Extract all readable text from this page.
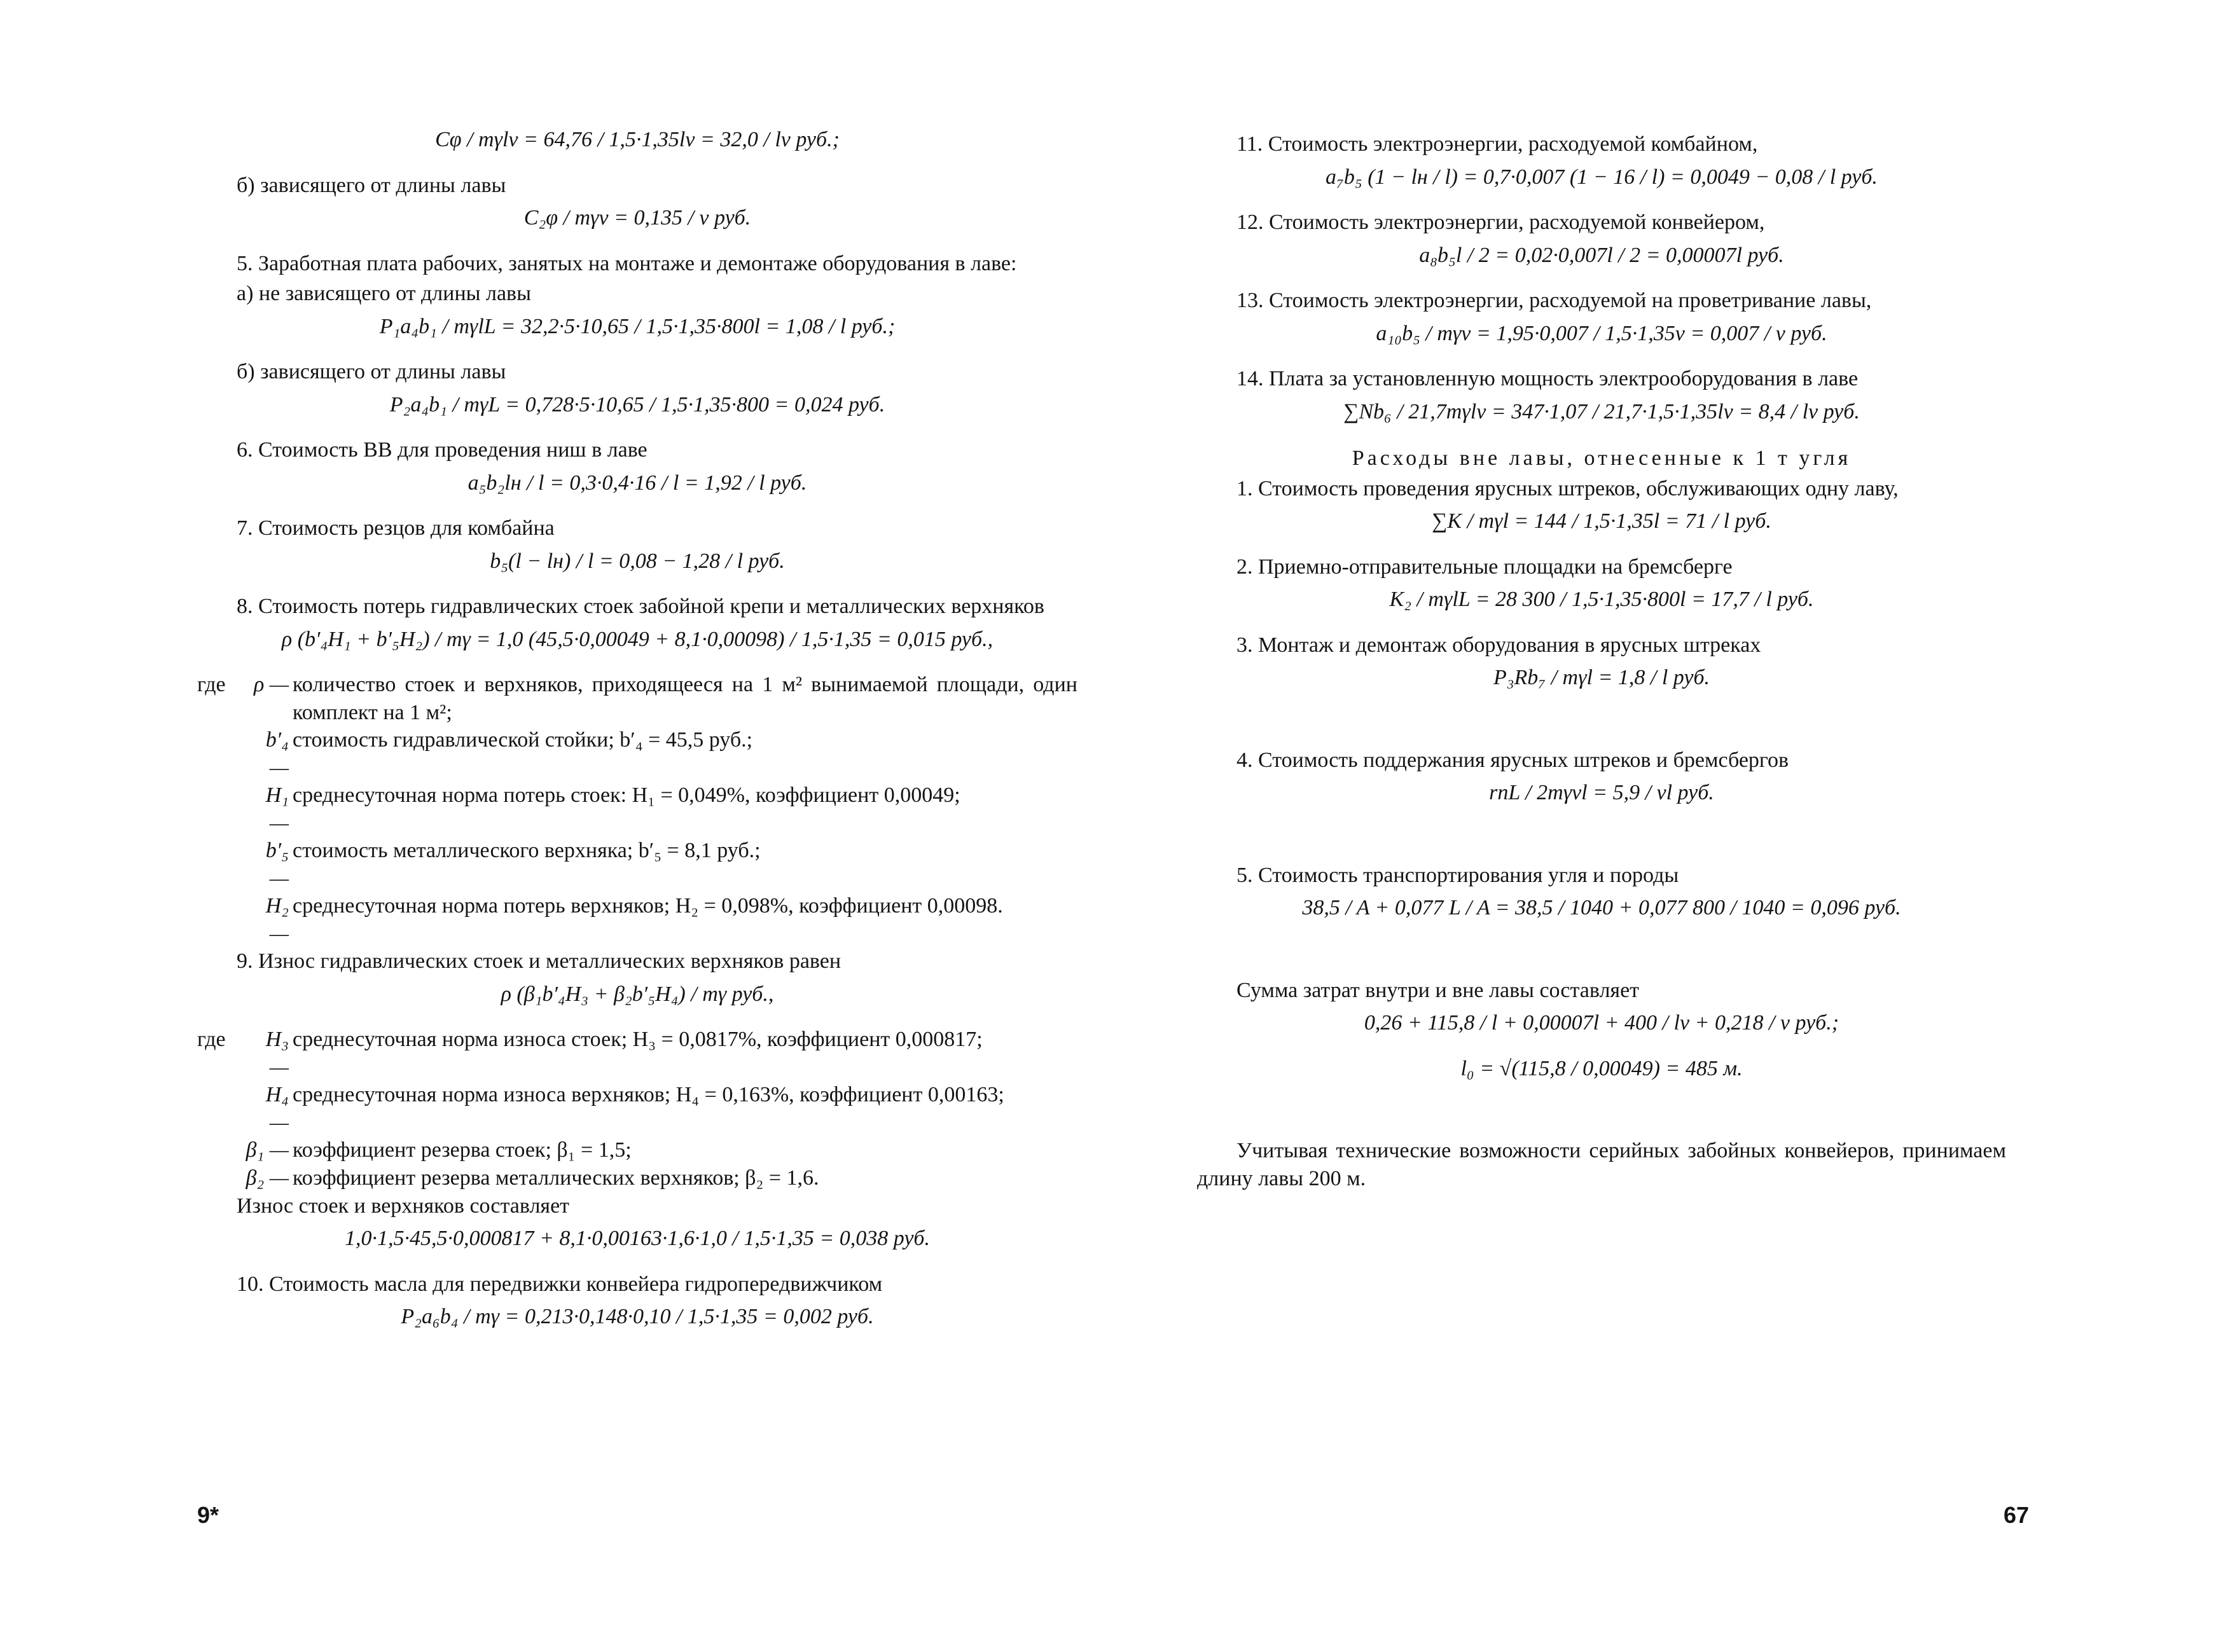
Cφ / mγlv = 64,76 / 1,5·1,35lv = 32,0 / lv руб.;

б) зависящего от длины лавы

C₂φ / mγv = 0,135 / v руб.

5. Заработная плата рабочих, занятых на монтаже и демонтаже оборудования в лаве:

а) не зависящего от длины лавы

P₁a₄b₁ / mγlL = 32,2·5·10,65 / 1,5·1,35·800l = 1,08 / l руб.;

б) зависящего от длины лавы

P₂a₄b₁ / mγL = 0,728·5·10,65 / 1,5·1,35·800 = 0,024 руб.

6. Стоимость ВВ для проведения ниш в лаве

a₅b₂lн / l = 0,3·0,4·16 / l = 1,92 / l руб.

7. Стоимость резцов для комбайна

b₅(l − lн) / l = 0,08 − 1,28 / l руб.

8. Стоимость потерь гидравлических стоек забойной крепи и металлических верхняков

ρ (b′₄H₁ + b′₅H₂) / mγ = 1,0 (45,5·0,00049 + 8,1·0,00098) / 1,5·1,35 = 0,015 руб.,
где	ρ — количество стоек и верхняков, приходящееся на 1 м² вынимаемой площади, один комплект на 1 м²;
b′₄ —
стоимость гидравлической стойки; b′₄ = 45,5 руб.;
H₁ —
среднесуточная норма потерь стоек: H₁ = 0,049%, коэффициент 0,00049;
b′₅ —
стоимость металлического верхняка; b′₅ = 8,1 руб.;
H₂ —
среднесуточная норма потерь верхняков; H₂ = 0,098%, коэффициент 0,00098.

9. Износ гидравлических стоек и металлических верхняков равен

ρ (β₁b′₄H₃ + β₂b′₅H₄) / mγ руб.,
где	H₃ —
среднесуточная норма износа стоек; H₃ = 0,0817%, коэффициент 0,000817;
H₄ —
среднесуточная норма износа верхняков; H₄ = 0,163%, коэффициент 0,00163;
β₁ — коэффициент резерва стоек; β₁ = 1,5;
β₂ — коэффициент резерва металлических верхняков; β₂ = 1,6.

Износ стоек и верхняков составляет

1,0·1,5·45,5·0,000817 + 8,1·0,00163·1,6·1,0 / 1,5·1,35 = 0,038 руб.

10. Стоимость масла для передвижки конвейера гидропередвижчиком

P₂a₆b₄ / mγ = 0,213·0,148·0,10 / 1,5·1,35 = 0,002 руб.
9*

11. Стоимость электроэнергии, расходуемой комбайном,

a₇b₅ (1 − lн / l) = 0,7·0,007 (1 − 16 / l) = 0,0049 − 0,08 / l руб.

12. Стоимость электроэнергии, расходуемой конвейером,

a₈b₅l / 2 = 0,02·0,007l / 2 = 0,00007l руб.

13. Стоимость электроэнергии, расходуемой на проветривание лавы,

a₁₀b₅ / mγv = 1,95·0,007 / 1,5·1,35v = 0,007 / v руб.

14. Плата за установленную мощность электрооборудования в лаве

∑Nb₆ / 21,7mγlv = 347·1,07 / 21,7·1,5·1,35lv = 8,4 / lv руб.
Расходы вне лавы, отнесенные к 1 т угля

1. Стоимость проведения ярусных штреков, обслуживающих одну лаву,

∑K / mγl = 144 / 1,5·1,35l = 71 / l руб.

2. Приемно-отправительные площадки на бремсберге

K₂ / mγlL = 28 300 / 1,5·1,35·800l = 17,7 / l руб.

3. Монтаж и демонтаж оборудования в ярусных штреках

P₃Rb₇ / mγl = 1,8 / l руб.

4. Стоимость поддержания ярусных штреков и бремсбергов

rпL / 2mγvl = 5,9 / vl руб.

5. Стоимость транспортирования угля и породы

38,5 / A + 0,077 L / A = 38,5 / 1040 + 0,077 800 / 1040 = 0,096 руб.

Сумма затрат внутри и вне лавы составляет

0,26 + 115,8 / l + 0,00007l + 400 / lv + 0,218 / v руб.;
l₀ = √(115,8 / 0,00049) = 485 м.

Учитывая технические возможности серийных забойных конвейеров, принимаем длину лавы 200 м.

67
